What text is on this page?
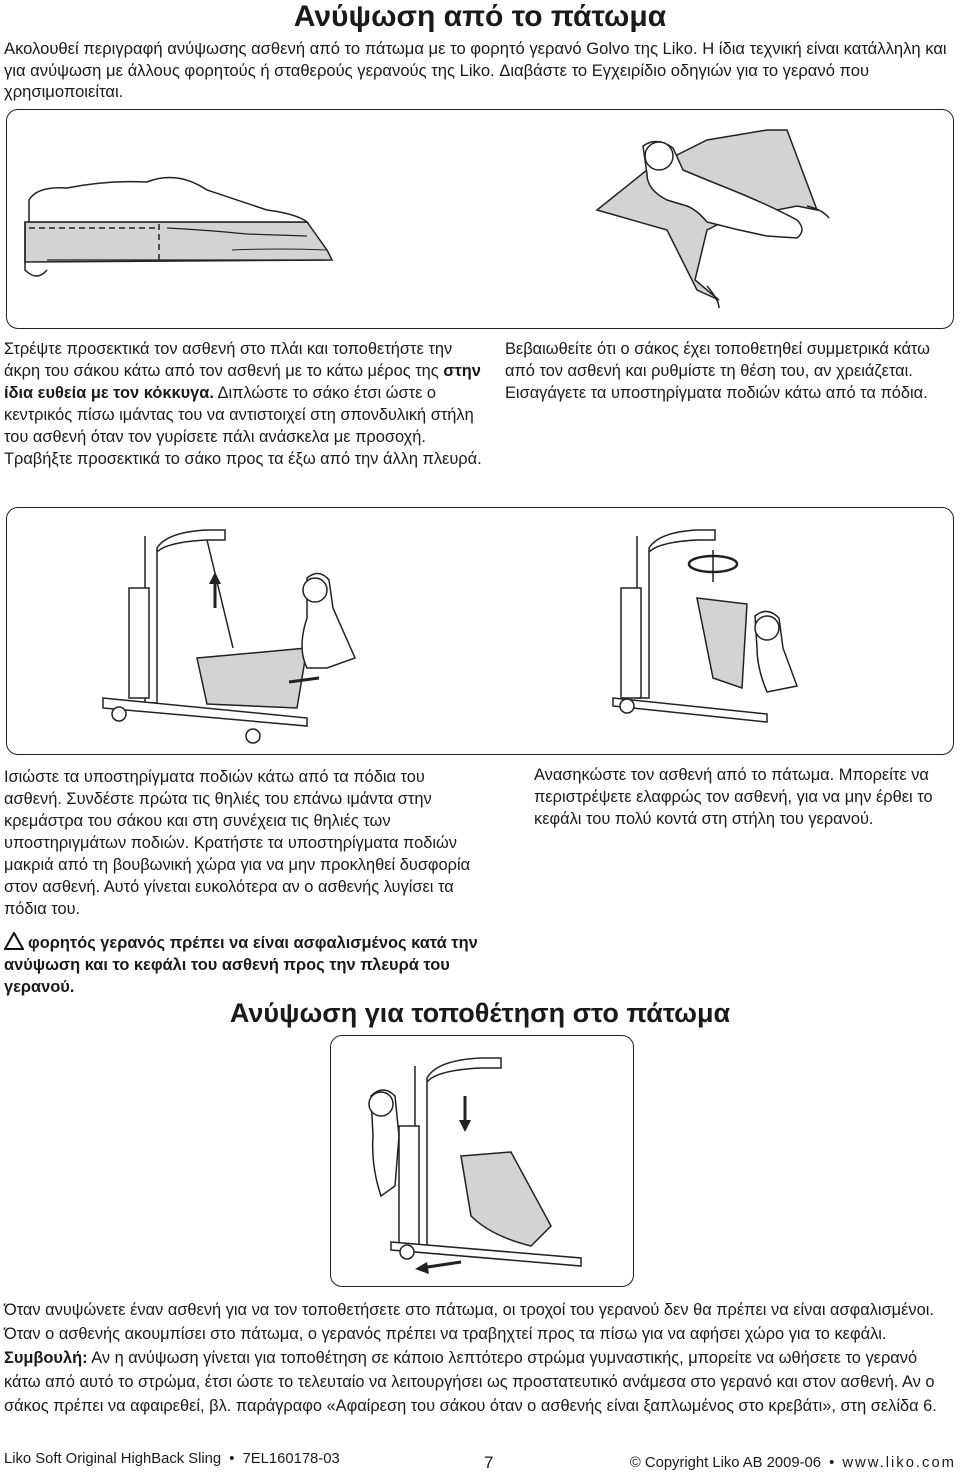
Ανύψωση από το πάτωμα
Ακολουθεί περιγραφή ανύψωσης ασθενή από το πάτωμα με το φορητό γερανό Golvo της Liko. Η ίδια τεχνική είναι κατάλληλη και για ανύψωση με άλλους φορητούς ή σταθερούς γερανούς της Liko. Διαβάστε το Εγχειρίδιο οδηγιών για το γερανό που χρησιμοποιείται.
Στρέψτε προσεκτικά τον ασθενή στο πλάι και τοποθετήστε την άκρη του σάκου κάτω από τον ασθενή με το κάτω μέρος της στην ίδια ευθεία με τον κόκκυγα. Διπλώστε το σάκο έτσι ώστε ο κεντρικός πίσω ιμάντας του να αντιστοιχεί στη σπονδυλική στήλη του ασθενή όταν τον γυρίσετε πάλι ανάσκελα με προσοχή. Τραβήξτε προσεκτικά το σάκο προς τα έξω από την άλλη πλευρά.
Βεβαιωθείτε ότι ο σάκος έχει τοποθετηθεί συμμετρικά κάτω από τον ασθενή και ρυθμίστε τη θέση του, αν χρειάζεται. Εισαγάγετε τα υποστηρίγματα ποδιών κάτω από τα πόδια.
Ισιώστε τα υποστηρίγματα ποδιών κάτω από τα πόδια του ασθενή. Συνδέστε πρώτα τις θηλιές του επάνω ιμάντα στην κρεμάστρα του σάκου και στη συνέχεια τις θηλιές των υποστηριγμάτων ποδιών. Κρατήστε τα υποστηρίγματα ποδιών μακριά από τη βουβωνική χώρα για να μην προκληθεί δυσφορία στον ασθενή. Αυτό γίνεται ευκολότερα αν ο ασθενής λυγίσει τα πόδια του.
Ανασηκώστε τον ασθενή από το πάτωμα. Μπορείτε να περιστρέψετε ελαφρώς τον ασθενή, για να μην έρθει το κεφάλι του πολύ κοντά στη στήλη του γερανού.
φορητός γερανός πρέπει να είναι ασφαλισμένος κατά την ανύψωση και το κεφάλι του ασθενή προς την πλευρά του γερανού.
Ανύψωση για τοποθέτηση στο πάτωμα
Όταν ανυψώνετε έναν ασθενή για να τον τοποθετήσετε στο πάτωμα, οι τροχοί του γερανού δεν θα πρέπει να είναι ασφαλισμένοι. Όταν ο ασθενής ακουμπίσει στο πάτωμα, ο γερανός πρέπει να τραβηχτεί προς τα πίσω για να αφήσει χώρο για το κεφάλι. Συμβουλή: Αν η ανύψωση γίνεται για τοποθέτηση σε κάποιο λεπτότερο στρώμα γυμναστικής, μπορείτε να ωθήσετε το γερανό κάτω από αυτό το στρώμα, έτσι ώστε το τελευταίο να λειτουργήσει ως προστατευτικό ανάμεσα στο γερανό και στον ασθενή. Αν ο σάκος πρέπει να αφαιρεθεί, βλ. παράγραφο «Αφαίρεση του σάκου όταν ο ασθενής είναι ξαπλωμένος στο κρεβάτι», στη σελίδα 6.
Liko Soft Original HighBack Sling • 7EL160178-03	7	© Copyright Liko AB 2009-06 • www.liko.com
